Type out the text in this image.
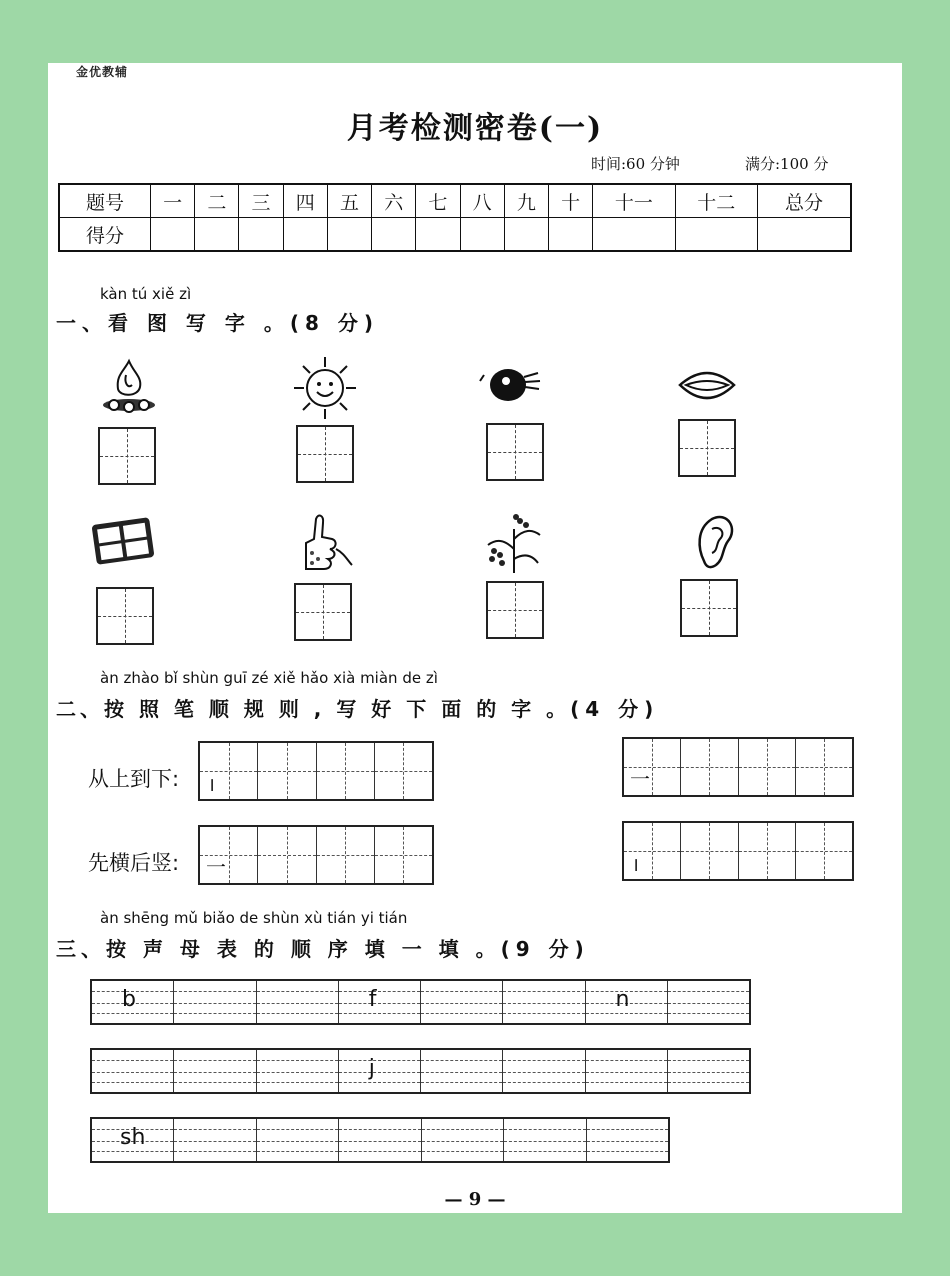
金优教辅
月考检测密卷(一)
时间:60 分钟	满分:100 分
题号	一	二	三	四	五	六	七	八	九	十	十一	十二	总分
得分													
kàn tú xiě zì
一、看 图 写 字 。(8 分)
àn zhào bǐ shùn guī zé xiě hǎo xià miàn de zì
二、按 照 笔 顺 规 则 , 写 好 下 面 的 字 。(4 分)
从上到下: ╷	一
先横后竖: 一	╷
àn shēng mǔ biǎo de shùn xù tián yi tián
三、按 声 母 表 的 顺 序 填 一 填 。(9 分)
b	f	n
j
sh
— 9 —
